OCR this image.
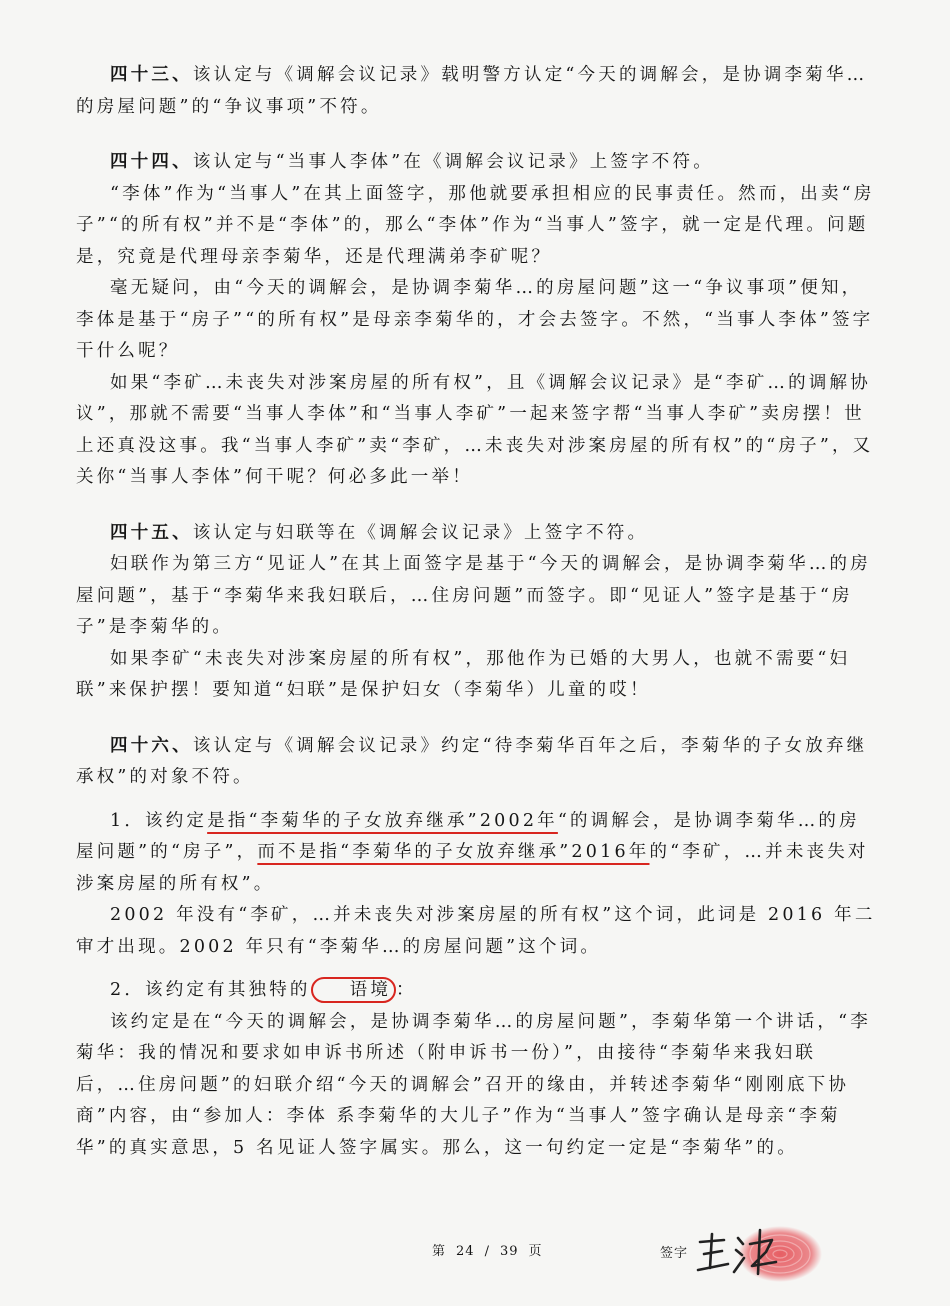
四十三、该认定与《调解会议记录》载明警方认定“今天的调解会，是协调李菊华…的房屋问题”的“争议事项”不符。

四十四、该认定与“当事人李体”在《调解会议记录》上签字不符。

“李体”作为“当事人”在其上面签字，那他就要承担相应的民事责任。然而，出卖“房子”“的所有权”并不是“李体”的，那么“李体”作为“当事人”签字，就一定是代理。问题是，究竟是代理母亲李菊华，还是代理满弟李矿呢？

毫无疑问，由“今天的调解会，是协调李菊华…的房屋问题”这一“争议事项”便知，李体是基于“房子”“的所有权”是母亲李菊华的，才会去签字。不然，“当事人李体”签字干什么呢？

如果“李矿…未丧失对涉案房屋的所有权”，且《调解会议记录》是“李矿…的调解协议”，那就不需要“当事人李体”和“当事人李矿”一起来签字帮“当事人李矿”卖房摆！世上还真没这事。我“当事人李矿”卖“李矿，…未丧失对涉案房屋的所有权”的“房子”，又关你“当事人李体”何干呢？何必多此一举！

四十五、该认定与妇联等在《调解会议记录》上签字不符。

妇联作为第三方“见证人”在其上面签字是基于“今天的调解会，是协调李菊华…的房屋问题”，基于“李菊华来我妇联后，…住房问题”而签字。即“见证人”签字是基于“房子”是李菊华的。

如果李矿“未丧失对涉案房屋的所有权”，那他作为已婚的大男人，也就不需要“妇联”来保护摆！要知道“妇联”是保护妇女（李菊华）儿童的哎！

四十六、该认定与《调解会议记录》约定“待李菊华百年之后，李菊华的子女放弃继承权”的对象不符。

1．该约定是指“李菊华的子女放弃继承”2002年“的调解会，是协调李菊华…的房屋问题”的“房子”，而不是指“李菊华的子女放弃继承”2016年的“李矿，…并未丧失对涉案房屋的所有权”。

2002 年没有“李矿，…并未丧失对涉案房屋的所有权”这个词，此词是 2016 年二审才出现。2002 年只有“李菊华…的房屋问题”这个词。

2．该约定有其独特的 语境 ：

该约定是在“今天的调解会，是协调李菊华…的房屋问题”，李菊华第一个讲话，“李菊华：我的情况和要求如申诉书所述（附申诉书一份）”，由接待“李菊华来我妇联后，…住房问题”的妇联介绍“今天的调解会”召开的缘由，并转述李菊华“刚刚底下协商”内容，由“参加人：李体 系李菊华的大儿子”作为“当事人”签字确认是母亲“李菊华”的真实意思，5 名见证人签字属实。那么，这一句约定一定是“李菊华”的。

第 24 / 39 页	签字
